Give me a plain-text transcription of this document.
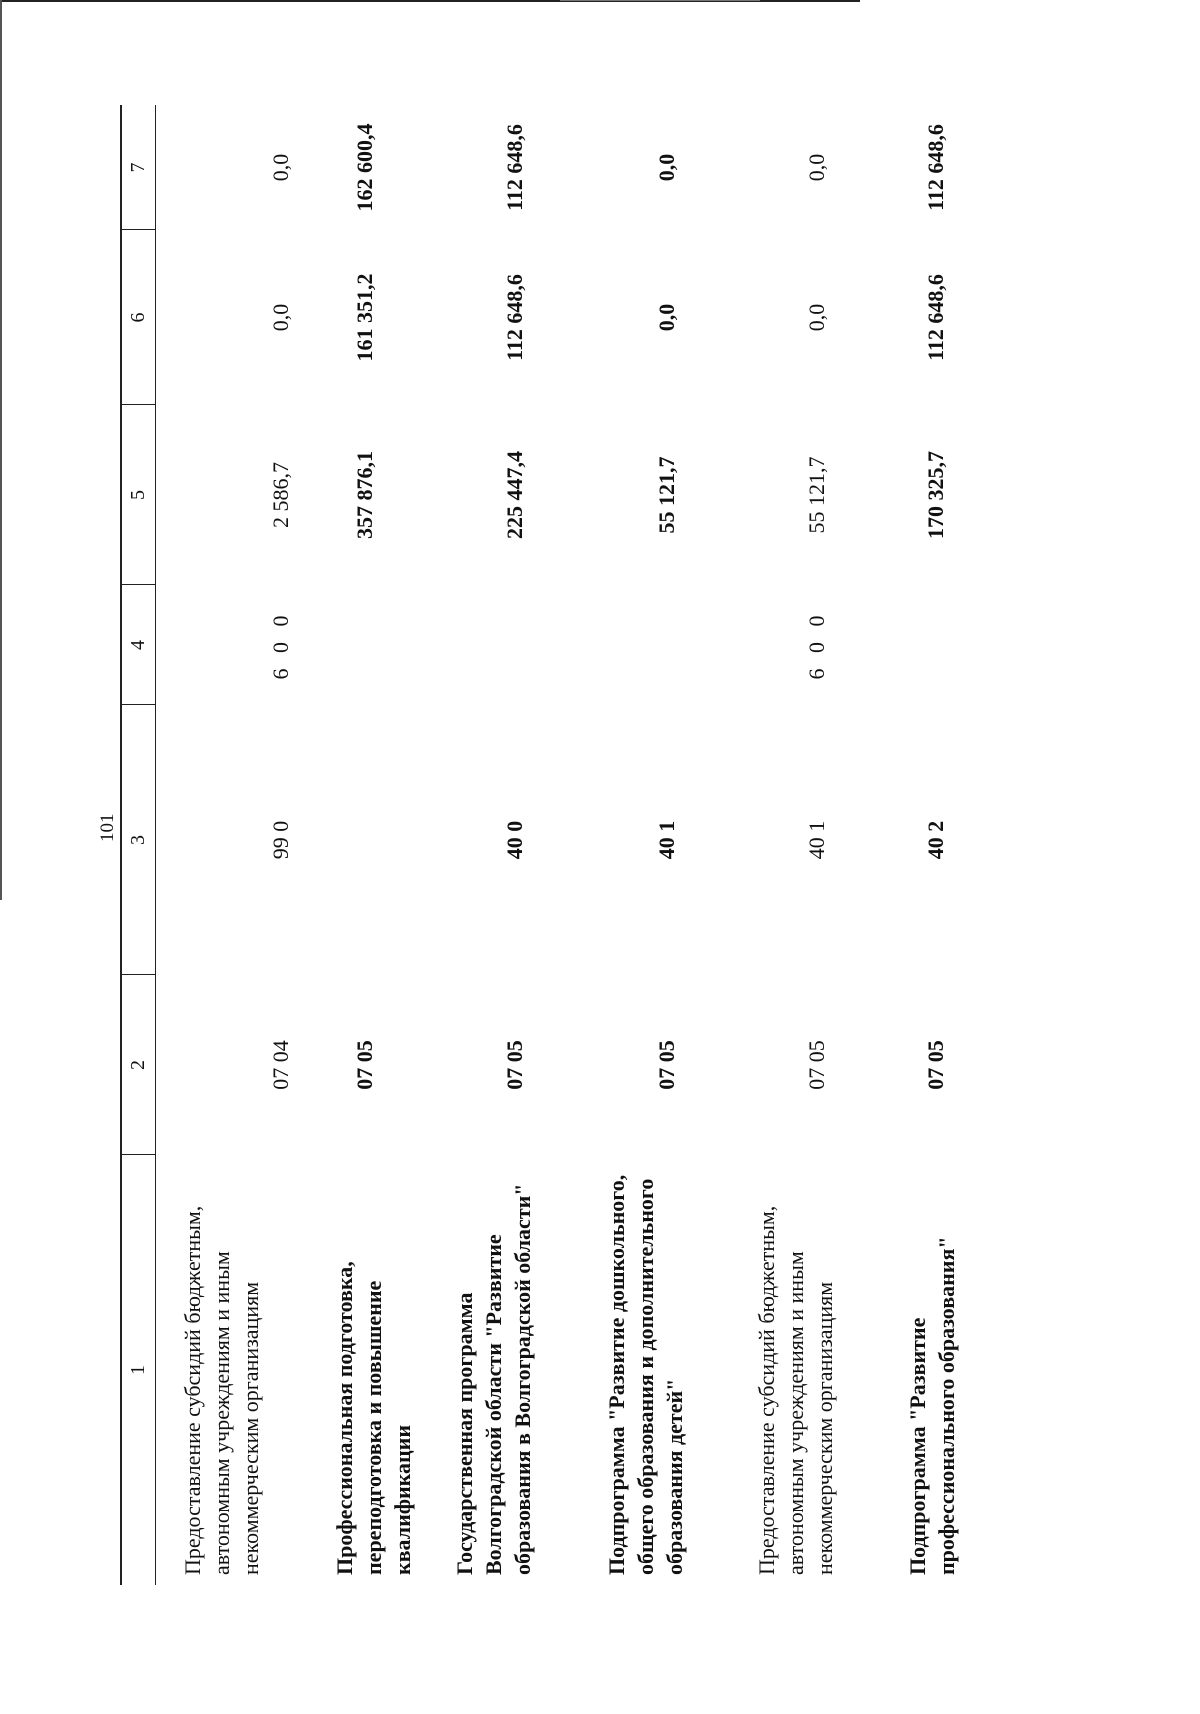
101
1
2
3
4
5
6
7
Предоставление субсидий бюджетным, автономным учреждениям и иным некоммерческим организациям
07 04
99 0
6 0 0
2 586,7
0,0
0,0
Профессиональная подготовка, переподготовка и повышение квалификации
07 05
357 876,1
161 351,2
162 600,4
Государственная программа Волгоградской области "Развитие образования в Волгоградской области"
07 05
40 0
225 447,4
112 648,6
112 648,6
Подпрограмма "Развитие дошкольного, общего образования и дополнительного образования детей"
07 05
40 1
55 121,7
0,0
0,0
Предоставление субсидий бюджетным, автономным учреждениям и иным некоммерческим организациям
07 05
40 1
6 0 0
55 121,7
0,0
0,0
Подпрограмма "Развитие профессионального образования"
07 05
40 2
170 325,7
112 648,6
112 648,6
